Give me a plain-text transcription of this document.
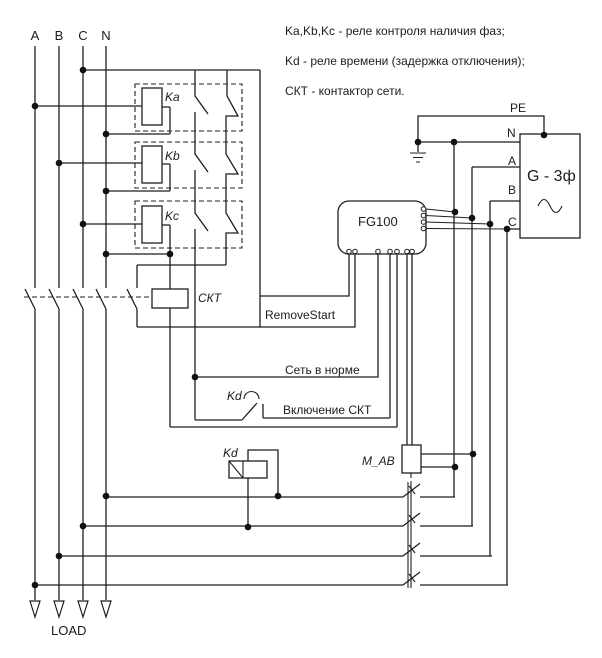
Ka,Kb,Kc - реле контроля наличия фаз;
Kd - реле времени (задержка отключения);
СКТ - контактор сети.
A B C N
Ka
Kb
Kc
СКТ
Kd
Kd
M_AB
FG100
G - 3ф
PE
N
A
B
C
RemoveStart
Сеть в норме
Включение СКТ
LOAD
